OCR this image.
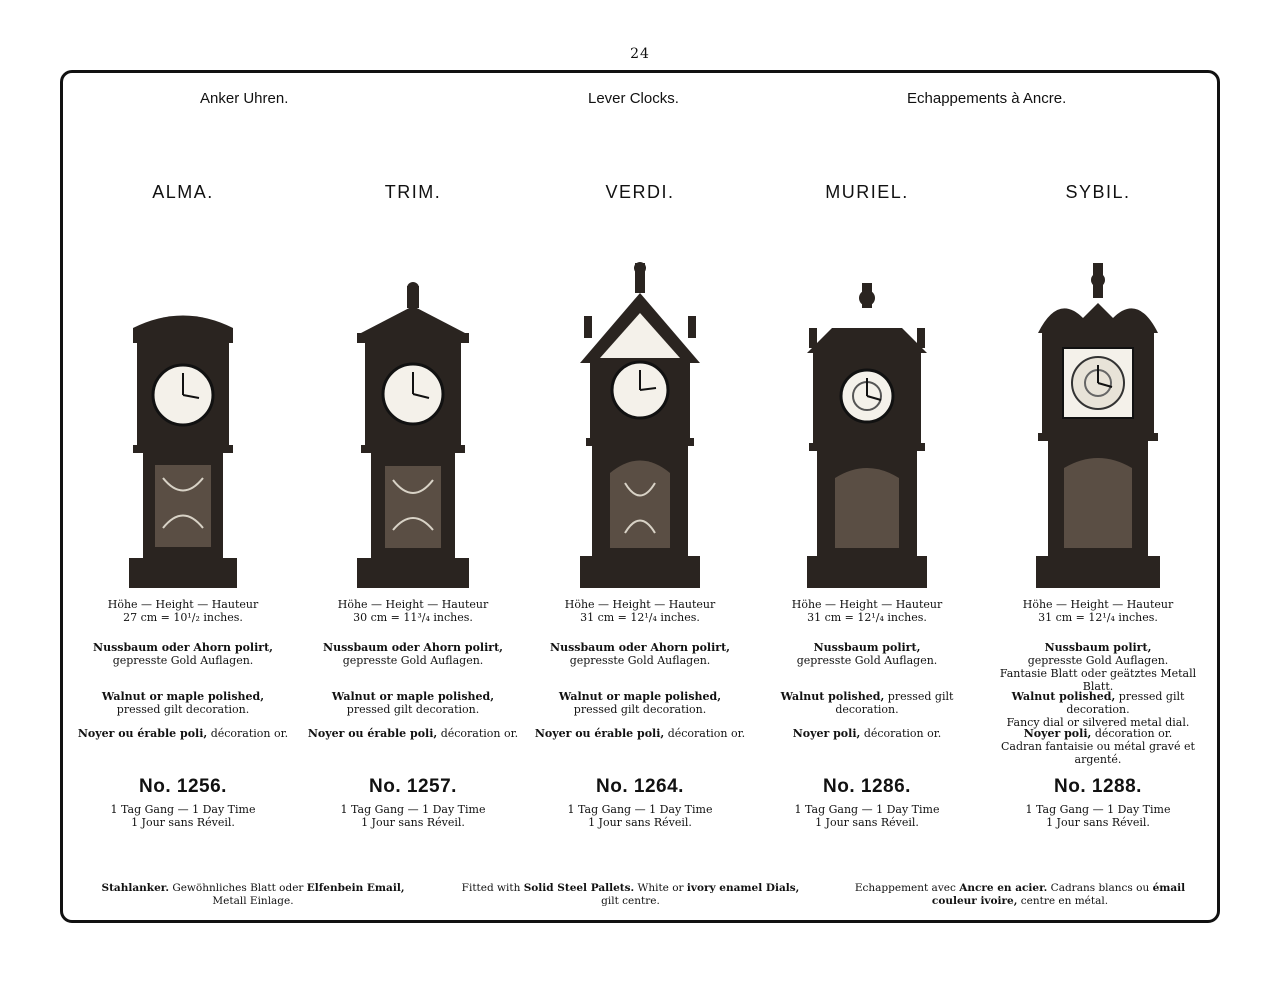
24
Anker Uhren.	Lever Clocks.	Echappements à Ancre.
ALMA.
Höhe — Height — Hauteur
27 cm = 10¹/₂ inches.
Nussbaum oder Ahorn polirt,
gepresste Gold Auflagen.
Walnut or maple polished,
pressed gilt decoration.
Noyer ou érable poli, décoration or.
No. 1256.
1 Tag Gang — 1 Day Time
1 Jour sans Réveil.
TRIM.
Höhe — Height — Hauteur
30 cm = 11³/₄ inches.
Nussbaum oder Ahorn polirt,
gepresste Gold Auflagen.
Walnut or maple polished,
pressed gilt decoration.
Noyer ou érable poli, décoration or.
No. 1257.
1 Tag Gang — 1 Day Time
1 Jour sans Réveil.
VERDI.
Höhe — Height — Hauteur
31 cm = 12¹/₄ inches.
Nussbaum oder Ahorn polirt,
gepresste Gold Auflagen.
Walnut or maple polished,
pressed gilt decoration.
Noyer ou érable poli, décoration or.
No. 1264.
1 Tag Gang — 1 Day Time
1 Jour sans Réveil.
MURIEL.
Höhe — Height — Hauteur
31 cm = 12¹/₄ inches.
Nussbaum polirt,
gepresste Gold Auflagen.
Walnut polished, pressed gilt decoration.
Noyer poli, décoration or.
No. 1286.
1 Tag Gang — 1 Day Time
1 Jour sans Réveil.
SYBIL.
Höhe — Height — Hauteur
31 cm = 12¹/₄ inches.
Nussbaum polirt,
gepresste Gold Auflagen.
Fantasie Blatt oder geätztes Metall Blatt.
Walnut polished, pressed gilt decoration.
Fancy dial or silvered metal dial.
Noyer poli, décoration or.
Cadran fantaisie ou métal gravé et argenté.
No. 1288.
1 Tag Gang — 1 Day Time
1 Jour sans Réveil.
Stahlanker. Gewöhnliches Blatt oder Elfenbein Email,
Metall Einlage.
Fitted with Solid Steel Pallets. White or ivory enamel Dials,
gilt centre.
Echappement avec Ancre en acier. Cadrans blancs ou émail
couleur ivoire, centre en métal.
